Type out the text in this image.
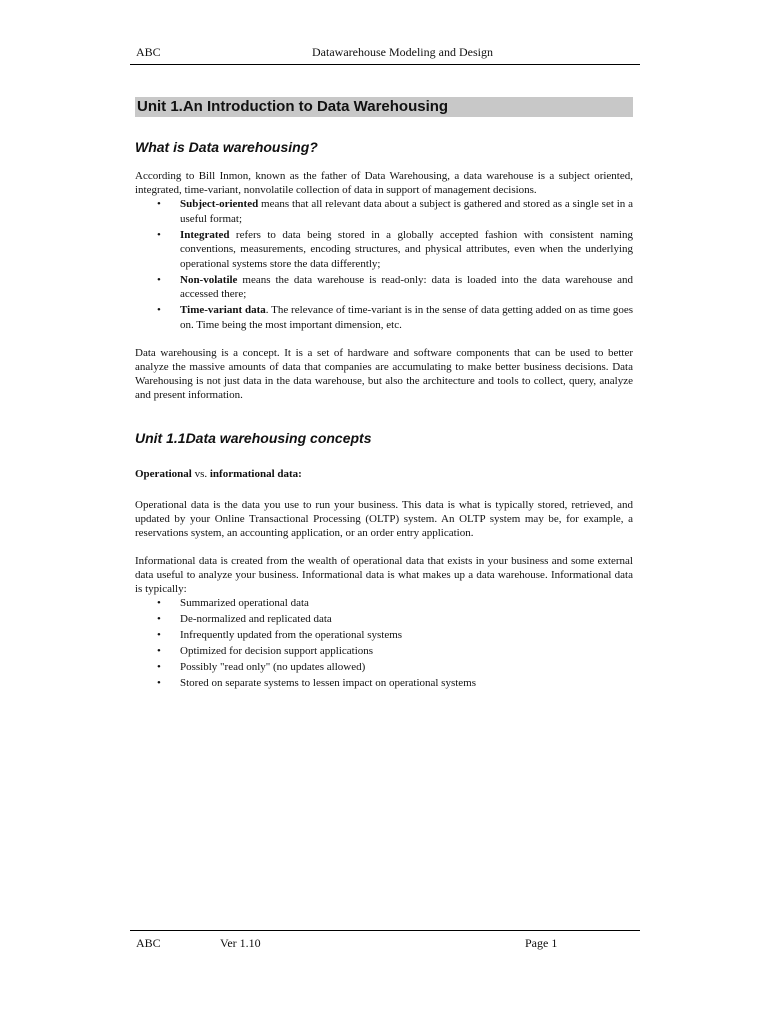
ABC	Datawarehouse Modeling and Design
Unit 1.An Introduction to Data Warehousing
What is Data warehousing?

According to Bill Inmon, known as the father of Data Warehousing, a data warehouse is a subject oriented, integrated, time-variant, nonvolatile collection of data in support of management decisions.

• Subject-oriented means that all relevant data about a subject is gathered and stored as a single set in a useful format;
• Integrated refers to data being stored in a globally accepted fashion with consistent naming conventions, measurements, encoding structures, and physical attributes, even when the underlying operational systems store the data differently;
• Non-volatile means the data warehouse is read-only: data is loaded into the data warehouse and accessed there;
• Time-variant data. The relevance of time-variant is in the sense of data getting added on as time goes on. Time being the most important dimension, etc.

Data warehousing is a concept. It is a set of hardware and software components that can be used to better analyze the massive amounts of data that companies are accumulating to make better business decisions. Data Warehousing is not just data in the data warehouse, but also the architecture and tools to collect, query, analyze and present information.

Unit 1.1Data warehousing concepts
Operational vs. informational data:

Operational data is the data you use to run your business. This data is what is typically stored, retrieved, and updated by your Online Transactional Processing (OLTP) system. An OLTP system may be, for example, a reservations system, an accounting application, or an order entry application.

Informational data is created from the wealth of operational data that exists in your business and some external data useful to analyze your business. Informational data is what makes up a data warehouse. Informational data is typically:

• Summarized operational data
• De-normalized and replicated data
• Infrequently updated from the operational systems
• Optimized for decision support applications
• Possibly "read only" (no updates allowed)
• Stored on separate systems to lessen impact on operational systems
ABC	Ver 1.10	Page 1
